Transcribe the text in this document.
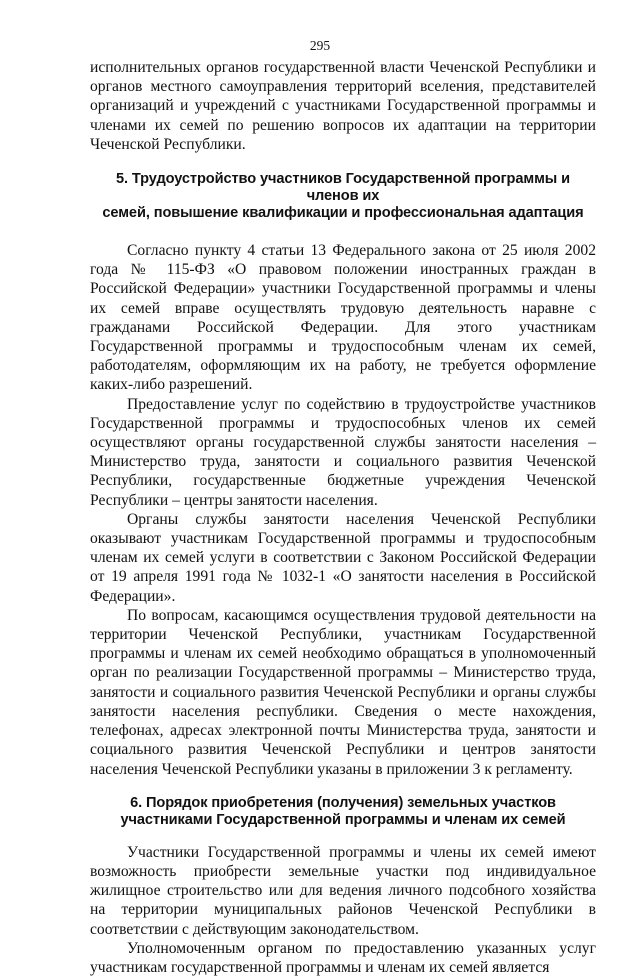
295

исполнительных органов государственной власти Чеченской Республики и органов местного самоуправления территорий вселения, представителей организаций и учреждений с участниками Государственной программы и членами их семей по решению вопросов их адаптации на территории Чеченской Республики.

5. Трудоустройство участников Государственной программы и членов их
семей, повышение квалификации и профессиональная адаптация

Согласно пункту 4 статьи 13 Федерального закона от 25 июля 2002 года № 115-ФЗ «О правовом положении иностранных граждан в Российской Федерации» участники Государственной программы и члены их семей вправе осуществлять трудовую деятельность наравне с гражданами Российской Федерации. Для этого участникам Государственной программы и трудоспособным членам их семей, работодателям, оформляющим их на работу, не требуется оформление каких-либо разрешений.

Предоставление услуг по содействию в трудоустройстве участников Государственной программы и трудоспособных членов их семей осуществляют органы государственной службы занятости населения – Министерство труда, занятости и социального развития Чеченской Республики, государственные бюджетные учреждения Чеченской Республики – центры занятости населения.

Органы службы занятости населения Чеченской Республики оказывают участникам Государственной программы и трудоспособным членам их семей услуги в соответствии с Законом Российской Федерации от 19 апреля 1991 года № 1032-1 «О занятости населения в Российской Федерации».

По вопросам, касающимся осуществления трудовой деятельности на территории Чеченской Республики, участникам Государственной программы и членам их семей необходимо обращаться в уполномоченный орган по реализации Государственной программы – Министерство труда, занятости и социального развития Чеченской Республики и органы службы занятости населения республики. Сведения о месте нахождения, телефонах, адресах электронной почты Министерства труда, занятости и социального развития Чеченской Республики и центров занятости населения Чеченской Республики указаны в приложении 3 к регламенту.

6. Порядок приобретения (получения) земельных участков
участниками Государственной программы и членам их семей

Участники Государственной программы и члены их семей имеют возможность приобрести земельные участки под индивидуальное жилищное строительство или для ведения личного подсобного хозяйства на территории муниципальных районов Чеченской Республики в соответствии с действующим законодательством.

Уполномоченным органом по предоставлению указанных услуг участникам государственной программы и членам их семей является
